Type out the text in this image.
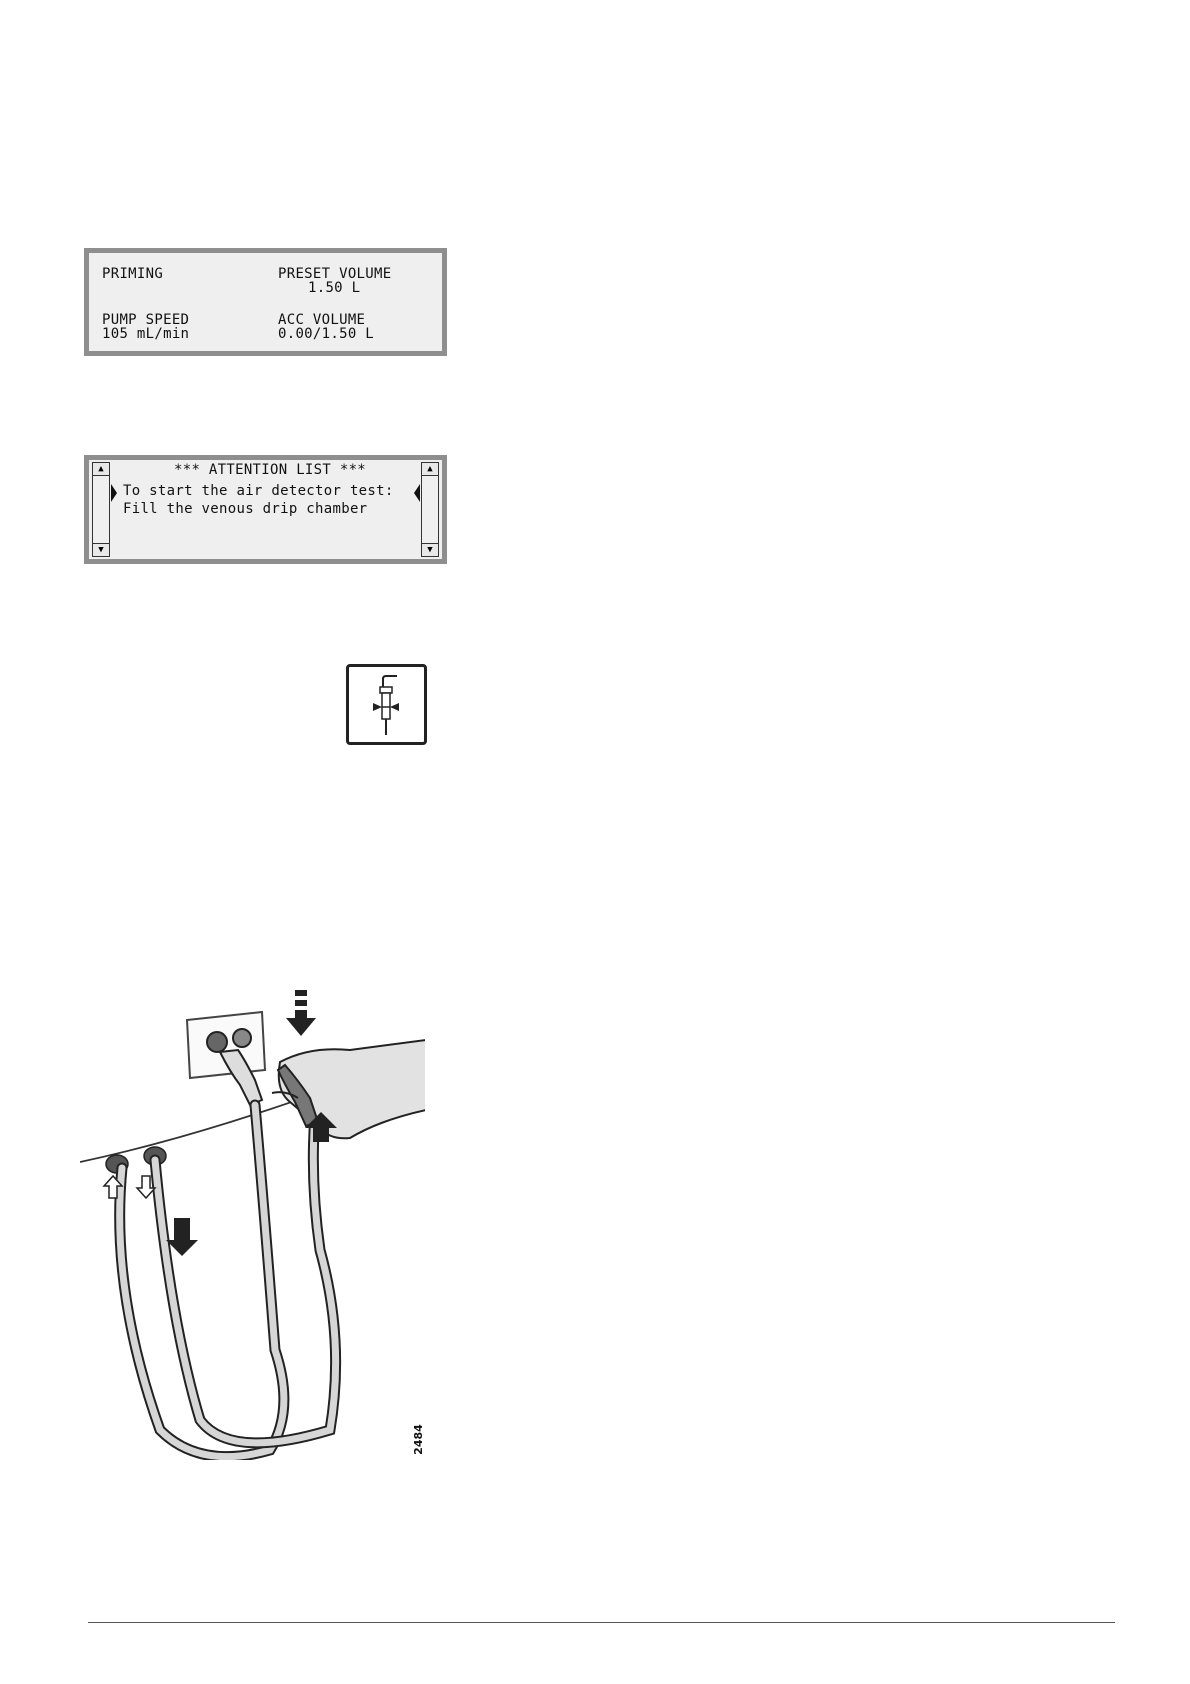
PRIMING	PRESET VOLUME
1.50 L
PUMP SPEED
105 mL/min
ACC VOLUME
0.00/1.50 L
▲
▼
▲
▼
*** ATTENTION LIST ***
To start the air detector test:
Fill the venous drip chamber
2484
